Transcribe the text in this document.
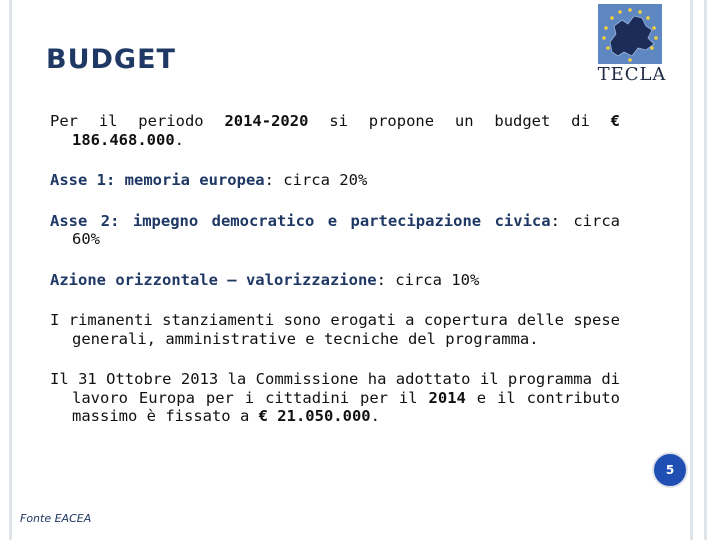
BUDGET	TECLA

Per il periodo 2014-2020 si propone un budget di € 186.468.000.

Asse 1: memoria europea: circa 20%

Asse 2: impegno democratico e partecipazione civica: circa 60%

Azione orizzontale – valorizzazione: circa 10%

I rimanenti stanziamenti sono erogati a copertura delle spese generali, amministrative e tecniche del programma.

Il 31 Ottobre 2013 la Commissione ha adottato il programma di lavoro Europa per i cittadini per il 2014 e il contributo massimo è fissato a € 21.050.000.

5
Fonte EACEA
